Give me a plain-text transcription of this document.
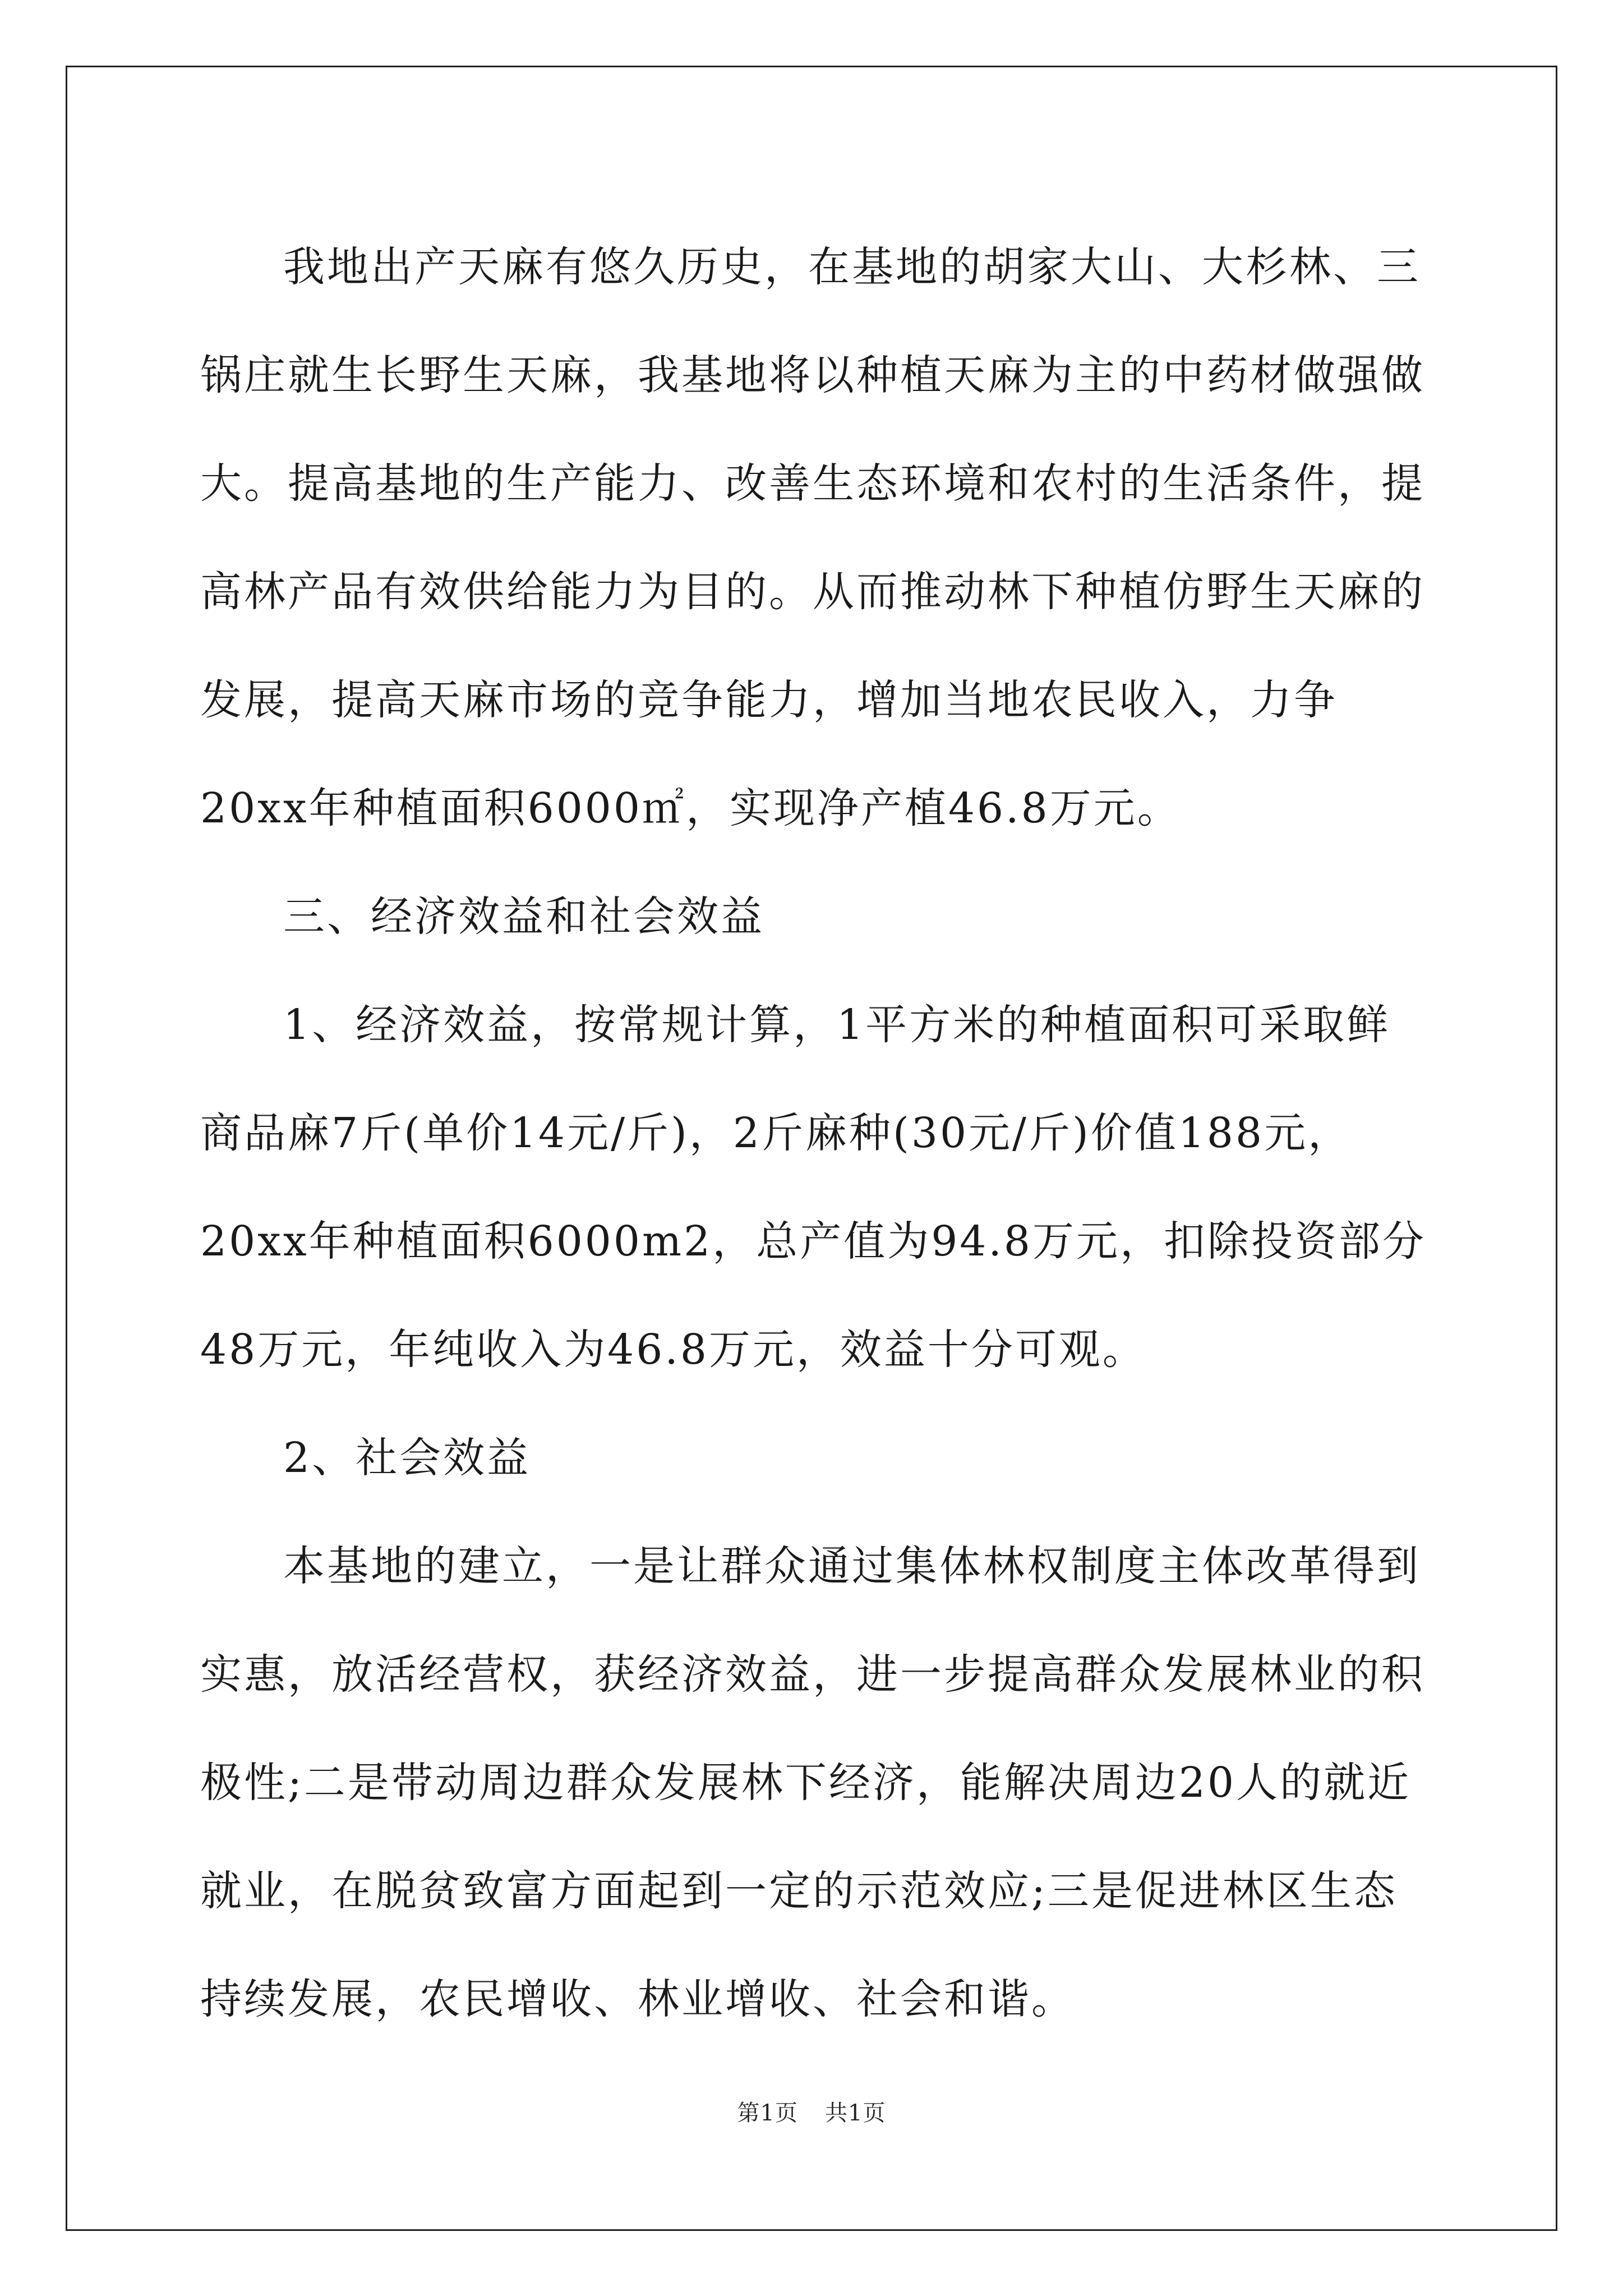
我地出产天麻有悠久历史，在基地的胡家大山、大杉林、三锅庄就生长野生天麻，我基地将以种植天麻为主的中药材做强做大。提高基地的生产能力、改善生态环境和农村的生活条件，提高林产品有效供给能力为目的。从而推动林下种植仿野生天麻的发展，提高天麻市场的竞争能力，增加当地农民收入，力争20xx年种植面积6000㎡，实现净产植46.8万元。

三、经济效益和社会效益

1、经济效益，按常规计算，1平方米的种植面积可采取鲜商品麻7斤(单价14元/斤)，2斤麻种(30元/斤)价值188元，20xx年种植面积6000m2，总产值为94.8万元，扣除投资部分48万元，年纯收入为46.8万元，效益十分可观。

2、社会效益

本基地的建立，一是让群众通过集体林权制度主体改革得到实惠，放活经营权，获经济效益，进一步提高群众发展林业的积极性;二是带动周边群众发展林下经济，能解决周边20人的就近就业，在脱贫致富方面起到一定的示范效应;三是促进林区生态持续发展，农民增收、林业增收、社会和谐。

第1页 共1页
